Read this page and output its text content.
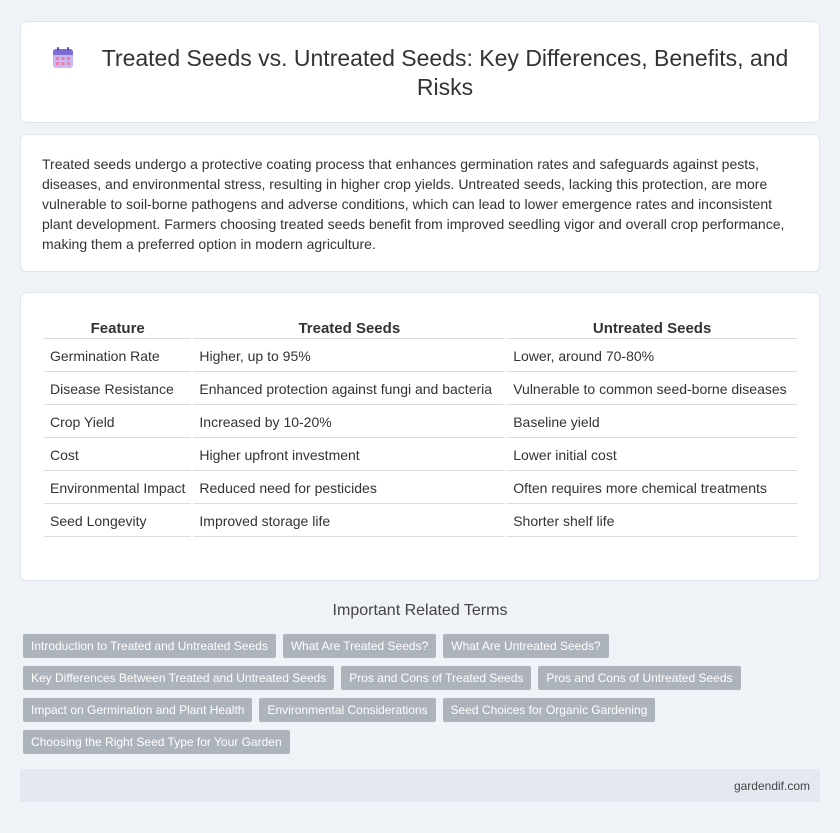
Treated Seeds vs. Untreated Seeds: Key Differences, Benefits, and Risks

Treated seeds undergo a protective coating process that enhances germination rates and safeguards against pests, diseases, and environmental stress, resulting in higher crop yields. Untreated seeds, lacking this protection, are more vulnerable to soil-borne pathogens and adverse conditions, which can lead to lower emergence rates and inconsistent plant development. Farmers choosing treated seeds benefit from improved seedling vigor and overall crop performance, making them a preferred option in modern agriculture.

Feature	Treated Seeds	Untreated Seeds
Germination Rate	Higher, up to 95%	Lower, around 70-80%
Disease Resistance	Enhanced protection against fungi and bacteria	Vulnerable to common seed-borne diseases
Crop Yield	Increased by 10-20%	Baseline yield
Cost	Higher upfront investment	Lower initial cost
Environmental Impact	Reduced need for pesticides	Often requires more chemical treatments
Seed Longevity	Improved storage life	Shorter shelf life
Important Related Terms
Introduction to Treated and Untreated Seeds	What Are Treated Seeds?	What Are Untreated Seeds?
Key Differences Between Treated and Untreated Seeds	Pros and Cons of Treated Seeds	Pros and Cons of Untreated Seeds
Impact on Germination and Plant Health	Environmental Considerations	Seed Choices for Organic Gardening
Choosing the Right Seed Type for Your Garden
gardendif.com
